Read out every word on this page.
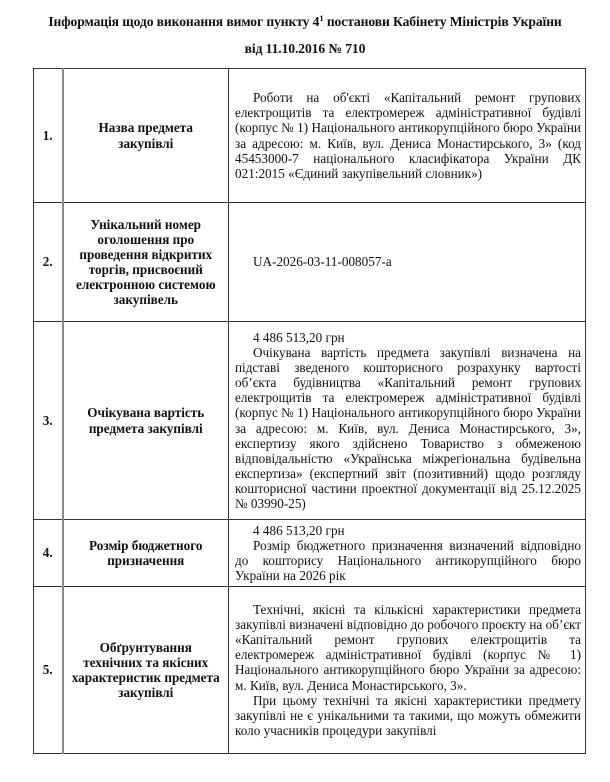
Інформація щодо виконання вимог пункту $4^1$ постанови Кабінету Міністрів України
від 11.10.2016 № 710
1.	Назва предмета закупівлі	Роботи на об'єкті «Капітальний ремонт групових електрощитів та електромереж адміністративної будівлі (корпус № 1) Національного антикорупційного бюро України за адресою: м. Київ, вул. Дениса Монастирського, 3» (код 45453000-7 національного класифікатора України ДК 021:2015 «Єдиний закупівельний словник»)

2.	Унікальний номер оголошення про проведення відкритих торгів, присвоєний електронною системою закупівель	UA-2026-03-11-008057-a
3.	Очікувана вартість предмета закупівлі	4 486 513,20 грн
Очікувана вартість предмета закупівлі визначена на підставі зведеного кошторисного розрахунку вартості об’єкта будівництва «Капітальний ремонт групових електрощитів та електромереж адміністративної будівлі (корпус № 1) Національного антикорупційного бюро України за адресою: м. Київ, вул. Дениса Монастирського, 3», експертизу якого здійснено Товариство з обмеженою відповідальністю «Українська міжрегіональна будівельна експертиза» (експертний звіт (позитивний) щодо розгляду кошторисної частини проектної документації від 25.12.2025 № 03990-25)

4.	Розмір бюджетного призначення	4 486 513,20 грн
Розмір бюджетного призначення визначений відповідно до кошторису Національного антикорупційного бюро України на 2026 рік

5.	Обґрунтування технічних та якісних характеристик предмета закупівлі	Технічні, якісні та кількісні характеристики предмета закупівлі визначені відповідно до робочого проєкту на об’єкт «Капітальний ремонт групових електрощитів та електромереж адміністративної будівлі (корпус № 1) Національного антикорупційного бюро України за адресою: м. Київ, вул. Дениса Монастирського, 3».
При цьому технічні та якісні характеристики предмету закупівлі не є унікальними та такими, що можуть обмежити коло учасників процедури закупівлі
